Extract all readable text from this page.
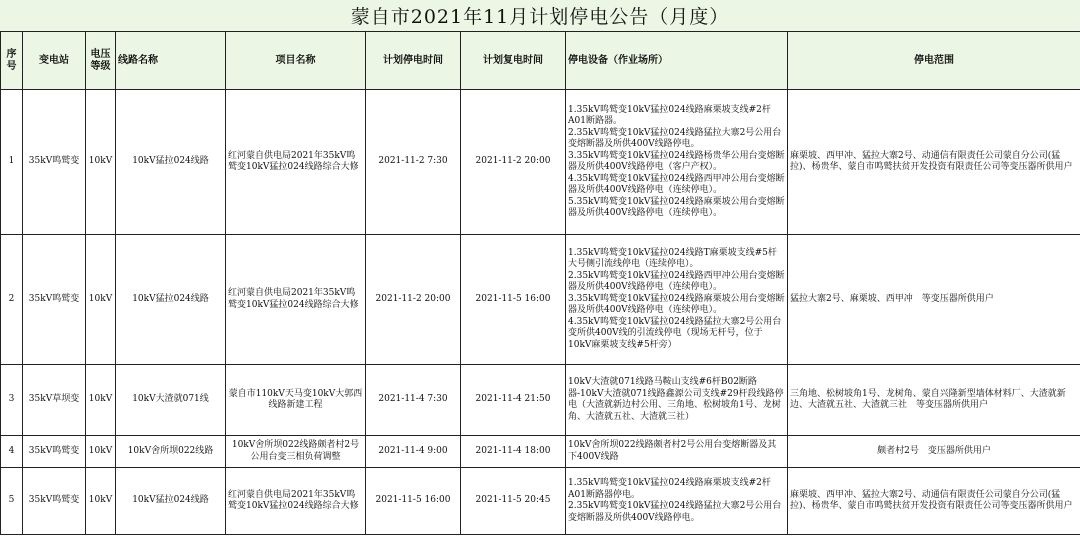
蒙自市2021年11月计划停电公告（月度）
序号	变电站	电压等级	线路名称	项目名称	计划停电时间	计划复电时间	停电设备（作业场所）	停电范围
1	35kV鸣鹫变	10kV	10kV猛拉024线路	红河蒙自供电局2021年35kV鸣鹫变10kV猛拉024线路综合大修	2021-11-2 7:30	2021-11-2 20:00	1.35kV鸣鹫变10kV猛拉024线路麻栗坡支线#2杆A01断路器。
2.35kV鸣鹫变10kV猛拉024线路猛拉大寨2号公用台变熔断器及所供400V线路停电。
3.35kV鸣鹫变10kV猛拉024线路杨贵华公用台变熔断器及所供400V线路停电（客户产权）。
4.35kV鸣鹫变10kV猛拉024线路西甲冲公用台变熔断器及所供400V线路停电（连续停电）。
5.35kV鸣鹫变10kV猛拉024线路麻栗坡公用台变熔断器及所供400V线路停电（连续停电）。	麻栗坡、西甲冲、猛拉大寨2号、动通信有限责任公司蒙自分公司(猛拉)、杨贵华、蒙自市鸣鹫扶贫开发投资有限责任公司等变压器所供用户
2	35kV鸣鹫变	10kV	10kV猛拉024线路	红河蒙自供电局2021年35kV鸣鹫变10kV猛拉024线路综合大修	2021-11-2 20:00	2021-11-5 16:00	1.35kV鸣鹫变10kV猛拉024线路T麻栗坡支线#5杆大号侧引流线停电（连续停电）。
2.35kV鸣鹫变10kV猛拉024线路西甲冲公用台变熔断器及所供400V线路停电（连续停电）。
3.35kV鸣鹫变10kV猛拉024线路麻栗坡公用台变熔断器及所供400V线路停电（连续停电）。
4.35kV鸣鹫变10kV猛拉024线路猛拉大寨2号公用台变所供400V线的引流线停电（现场无杆号，位于10kV麻栗坡支线#5杆旁）	猛拉大寨2号、麻栗坡、西甲冲　等变压器所供用户
3	35kV草坝变	10kV	10kV大渣就071线	蒙自市110kV天马变10kV大郭西线路新建工程	2021-11-4 7:30	2021-11-4 21:50	10kV大渣就071线路马鞍山支线#6杆B02断路器-10kV大渣就071线路鑫源公司支线#29杆段线路停电（大渣就新边村公用、三角地、松树坡角1号、龙树角、大渣就五社、大渣就三社）	三角地、松树坡角1号、龙树角、蒙自兴隆新型墙体材料厂、大渣就新边、大渣就五社、大渣就三社　等变压器所供用户
4	35kV鸣鹫变	10kV	10kV舍所坝022线路	10kV舍所坝022线路颇者村2号公用台变三相负荷调整	2021-11-4 9:00	2021-11-4 18:00	10kV舍所坝022线路颇者村2号公用台变熔断器及其下400V线路	颇者村2号　变压器所供用户
5	35kV鸣鹫变	10kV	10kV猛拉024线路	红河蒙自供电局2021年35kV鸣鹫变10kV猛拉024线路综合大修	2021-11-5 16:00	2021-11-5 20:45	1.35kV鸣鹫变10kV猛拉024线路麻栗坡支线#2杆A01断路器停电。
2.35kV鸣鹫变10kV猛拉024线路猛拉大寨2号公用台变熔断器及所供400V线路停电。	麻栗坡、西甲冲、猛拉大寨2号、动通信有限责任公司蒙自分公司(猛拉)、杨贵华、蒙自市鸣鹫扶贫开发投资有限责任公司等变压器所供用户
